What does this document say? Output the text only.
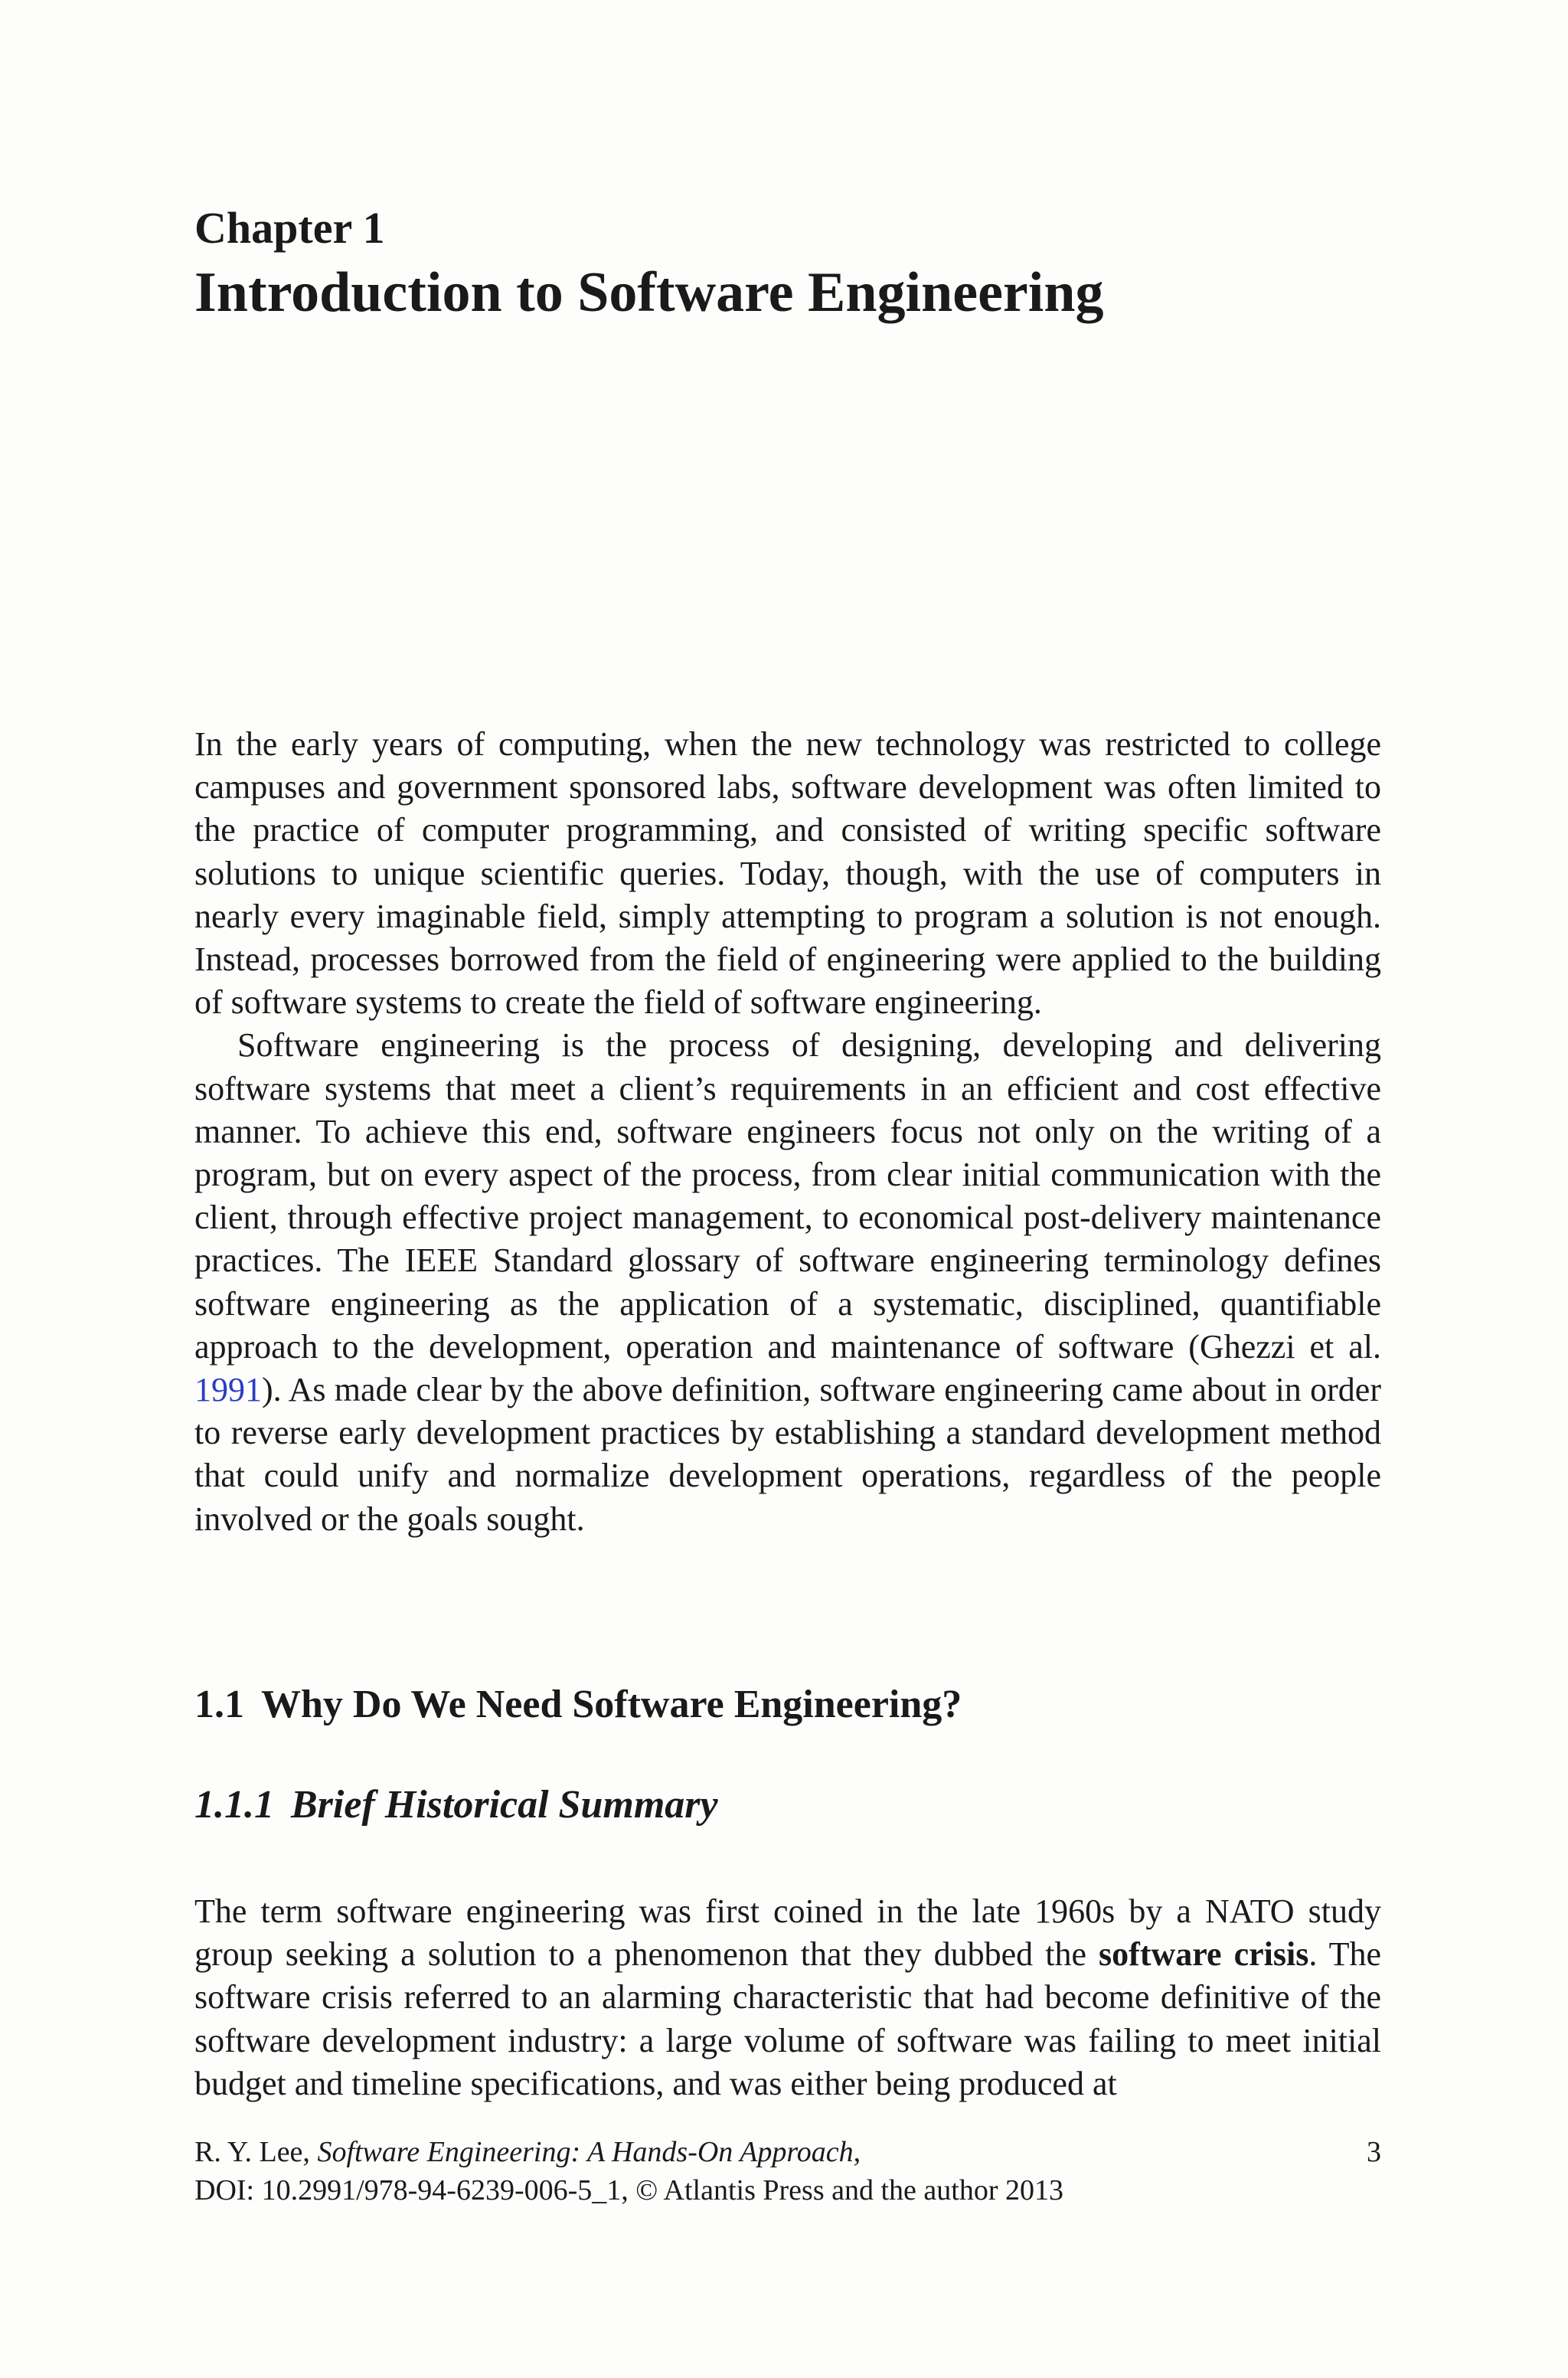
Chapter 1
Introduction to Software Engineering

In the early years of computing, when the new technology was restricted to college campuses and government sponsored labs, software development was often limited to the practice of computer programming, and consisted of writing specific software solutions to unique scientific queries. Today, though, with the use of computers in nearly every imaginable field, simply attempting to program a solution is not enough. Instead, processes borrowed from the field of engineering were applied to the building of software systems to create the field of software engineering.

Software engineering is the process of designing, developing and delivering software systems that meet a client’s requirements in an efficient and cost effective manner. To achieve this end, software engineers focus not only on the writing of a program, but on every aspect of the process, from clear initial communication with the client, through effective project management, to economical post-delivery maintenance practices. The IEEE Standard glossary of software engineering terminology defines software engineering as the application of a systematic, disciplined, quantifiable approach to the development, operation and maintenance of software (Ghezzi et al. 1991). As made clear by the above definition, software engineering came about in order to reverse early development practices by establishing a standard development method that could unify and normalize development operations, regardless of the people involved or the goals sought.

1.1 Why Do We Need Software Engineering?
1.1.1 Brief Historical Summary

The term software engineering was first coined in the late 1960s by a NATO study group seeking a solution to a phenomenon that they dubbed the software crisis. The software crisis referred to an alarming characteristic that had become definitive of the software development industry: a large volume of software was failing to meet initial budget and timeline specifications, and was either being produced at

R. Y. Lee, Software Engineering: A Hands-On Approach,	3
DOI: 10.2991/978-94-6239-006-5_1, © Atlantis Press and the author 2013
